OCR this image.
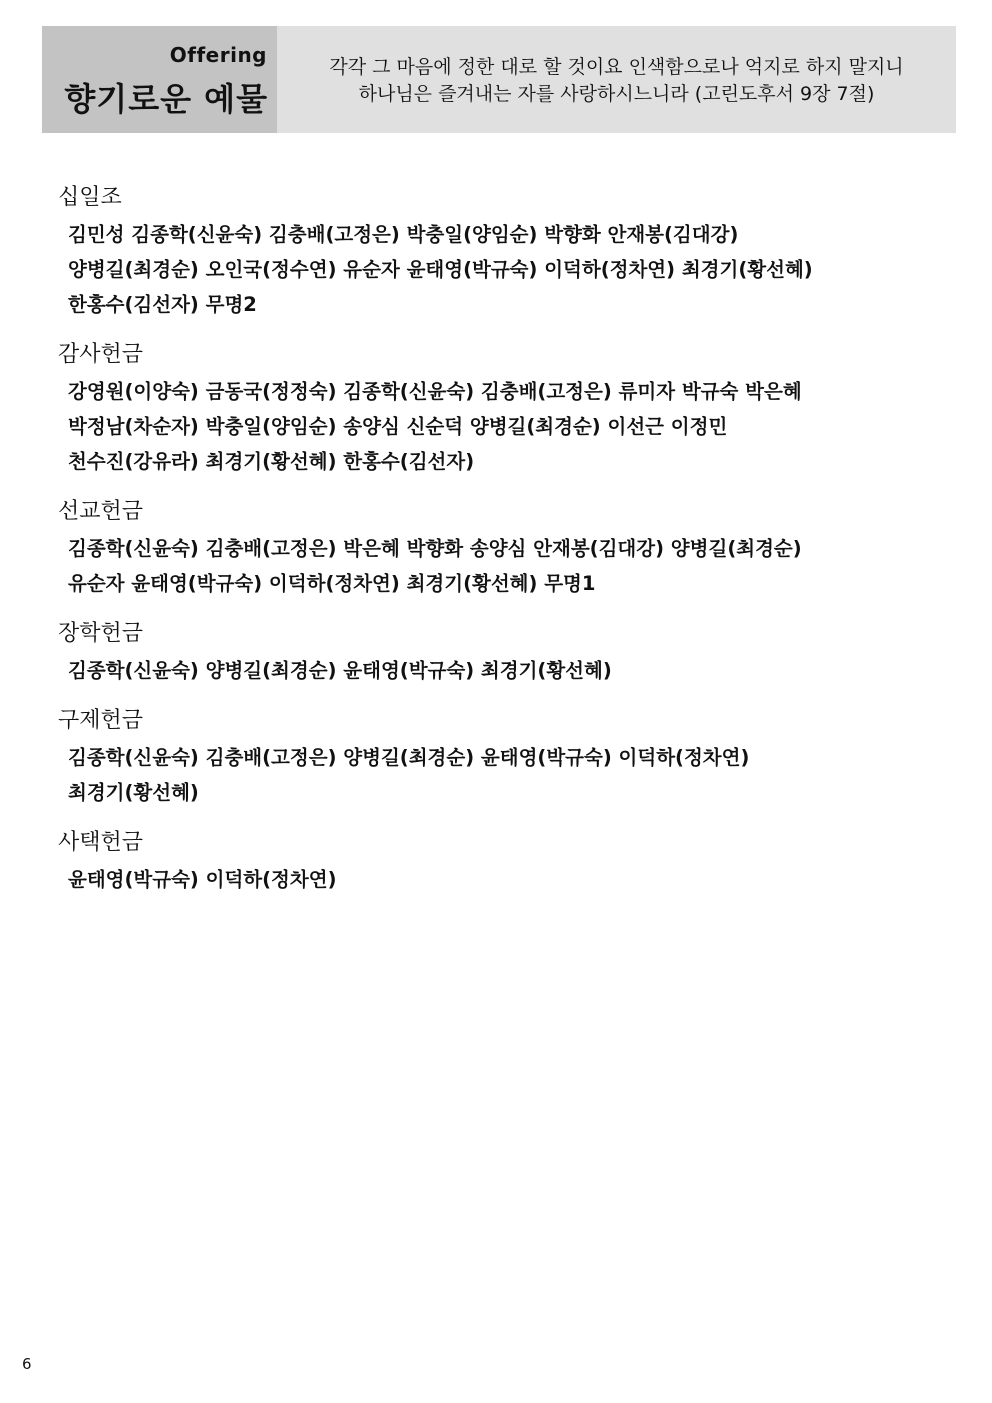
Offering
향기로운 예물
각각 그 마음에 정한 대로 할 것이요 인색함으로나 억지로 하지 말지니
하나님은 즐겨내는 자를 사랑하시느니라 (고린도후서 9장 7절)
십일조
김민성 김종학(신윤숙) 김충배(고정은) 박충일(양임순) 박향화 안재봉(김대강)
양병길(최경순) 오인국(정수연) 유순자 윤태영(박규숙) 이덕하(정차연) 최경기(황선혜)
한홍수(김선자) 무명2
감사헌금
강영원(이양숙) 금동국(정정숙) 김종학(신윤숙) 김충배(고정은) 류미자 박규숙 박은혜
박정남(차순자) 박충일(양임순) 송양심 신순덕 양병길(최경순) 이선근 이정민
천수진(강유라) 최경기(황선혜) 한홍수(김선자)
선교헌금
김종학(신윤숙) 김충배(고정은) 박은혜 박향화 송양심 안재봉(김대강) 양병길(최경순)
유순자 윤태영(박규숙) 이덕하(정차연) 최경기(황선혜) 무명1
장학헌금
김종학(신윤숙) 양병길(최경순) 윤태영(박규숙) 최경기(황선혜)
구제헌금
김종학(신윤숙) 김충배(고정은) 양병길(최경순) 윤태영(박규숙) 이덕하(정차연)
최경기(황선혜)
사택헌금
윤태영(박규숙) 이덕하(정차연)
6
